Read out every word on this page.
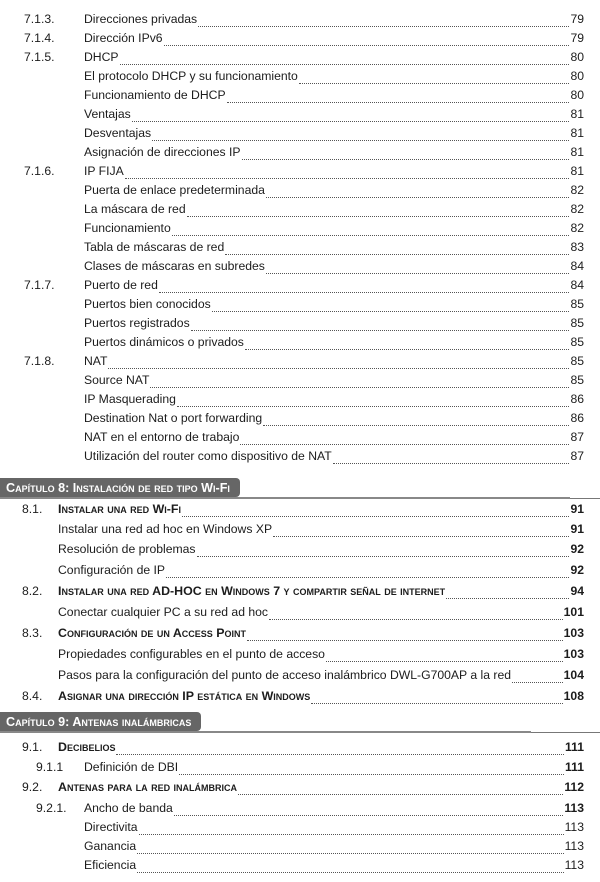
7.1.3. Direcciones privadas	79
7.1.4. Dirección IPv6	79
7.1.5. DHCP	80
El protocolo DHCP y su funcionamiento	80
Funcionamiento de DHCP	80
Ventajas	81
Desventajas	81
Asignación de direcciones IP	81
7.1.6. IP FIJA	81
Puerta de enlace predeterminada	82
La máscara de red	82
Funcionamiento	82
Tabla de máscaras de red	83
Clases de máscaras en subredes	84
7.1.7. Puerto de red	84
Puertos bien conocidos	85
Puertos registrados	85
Puertos dinámicos o privados	85
7.1.8. NAT	85
Source NAT	85
IP Masquerading	86
Destination Nat o port forwarding	86
NAT en el entorno de trabajo	87
Utilización del router como dispositivo de NAT	87
Capítulo 8: Instalación de red tipo Wi-Fi
8.1. Instalar una red Wi-Fi	91
Instalar una red ad hoc en Windows XP	91
Resolución de problemas	92
Configuración de IP	92
8.2. Instalar una red AD-HOC en Windows 7 y compartir señal de internet	94
Conectar cualquier PC a su red ad hoc	101
8.3. Configuración de un Access Point	103
Propiedades configurables en el punto de acceso	103
Pasos para la configuración del punto de acceso inalámbrico DWL-G700AP a la red	104
8.4. Asignar una dirección IP estática en Windows	108
Capítulo 9: Antenas inalámbricas
9.1. Decibelios	111
9.1.1 Definición de DBI	111
9.2. Antenas para la red inalámbrica	112
9.2.1. Ancho de banda	113
Directivita	113
Ganancia	113
Eficiencia	113
